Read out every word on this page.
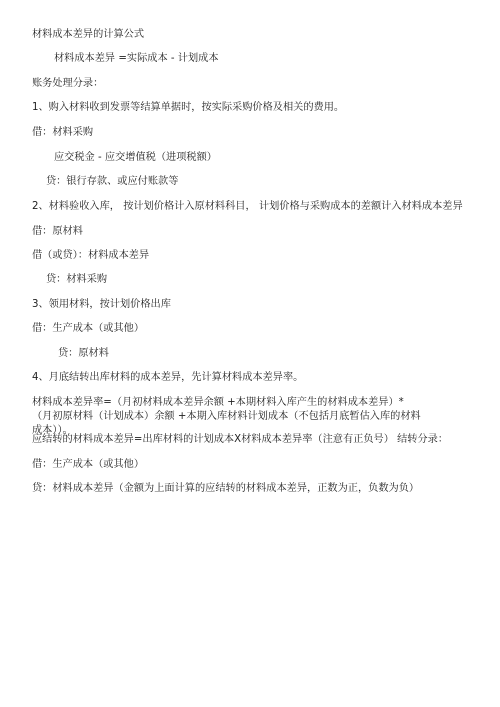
材料成本差异的计算公式
材料成本差异 =实际成本 - 计划成本
账务处理分录：
1、购入材料收到发票等结算单据时，按实际采购价格及相关的费用。
借：材料采购
应交税金 - 应交增值税（进项税额）
贷：银行存款、或应付账款等
2、材料验收入库， 按计划价格计入原材料科目， 计划价格与采购成本的差额计入材料成本差异
借：原材料
借（或贷）：材料成本差异
贷：材料采购
3、领用材料，按计划价格出库
借：生产成本（或其他）
贷：原材料
4、月底结转出库材料的成本差异，先计算材料成本差异率。
材料成本差异率=（月初材料成本差异余额 +本期材料入库产生的材料成本差异）*（月初原材料（计划成本）余额 +本期入库材料计划成本（不包括月底暂估入库的材料成本））。
应结转的材料成本差异=出库材料的计划成本X材料成本差异率（注意有正负号） 结转分录：
借：生产成本（或其他）
贷：材料成本差异（金额为上面计算的应结转的材料成本差异，正数为正，负数为负）
